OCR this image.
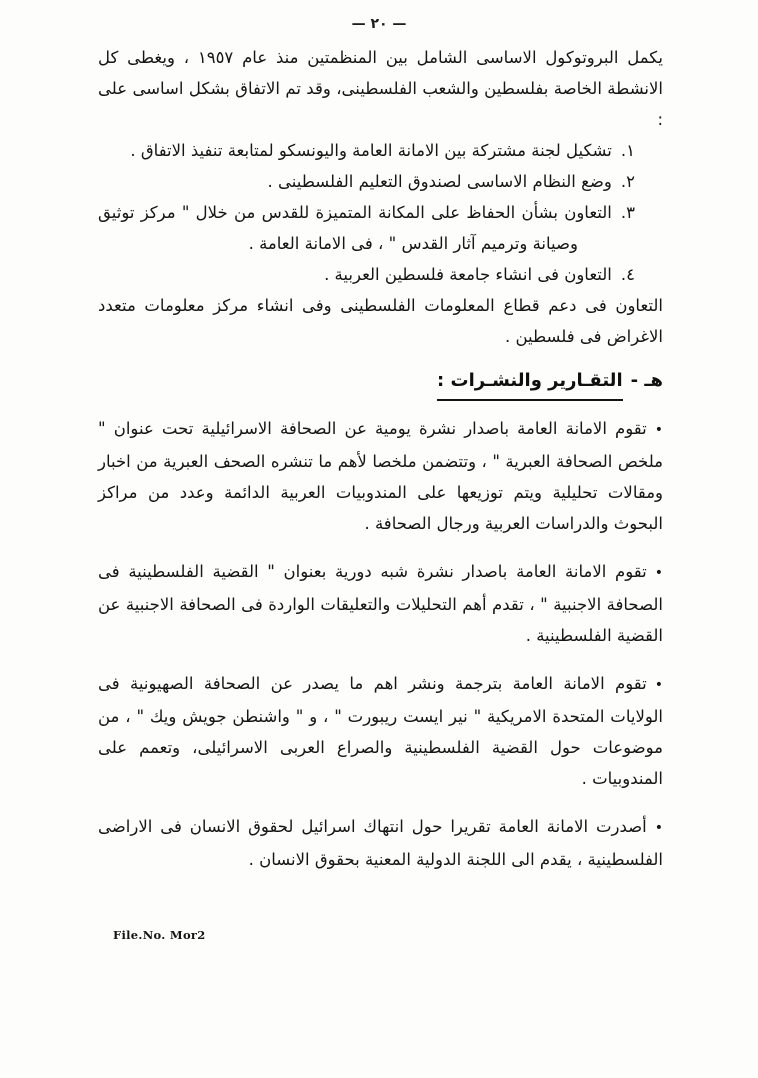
— ٢٠ —

يكمل البروتوكول الاساسى الشامل بين المنظمتين منذ عام ١٩٥٧ ، ويغطى كل الانشطة الخاصة بفلسطين والشعب الفلسطينى، وقد تم الاتفاق بشكل اساسى على :

١.تشكيل لجنة مشتركة بين الامانة العامة واليونسكو لمتابعة تنفيذ الاتفاق .
٢.وضع النظام الاساسى لصندوق التعليم الفلسطينى .
٣.التعاون بشأن الحفاظ على المكانة المتميزة للقدس من خلال " مركز توثيق وصيانة وترميم آثار القدس " ، فى الامانة العامة .
٤.التعاون فى انشاء جامعة فلسطين العربية .

التعاون فى دعم قطاع المعلومات الفلسطينى وفى انشاء مركز معلومات متعدد الاغراض فى فلسطين .

هـ -التقـارير والنشـرات :

•تقوم الامانة العامة باصدار نشرة يومية عن الصحافة الاسرائيلية تحت عنوان " ملخص الصحافة العبرية " ، وتتضمن ملخصا لأهم ما تنشره الصحف العبرية من اخبار ومقالات تحليلية ويتم توزيعها على المندوبيات العربية الدائمة وعدد من مراكز البحوث والدراسات العربية ورجال الصحافة .

•تقوم الامانة العامة باصدار نشرة شبه دورية بعنوان " القضية الفلسطينية فى الصحافة الاجنبية " ، تقدم أهم التحليلات والتعليقات الواردة فى الصحافة الاجنبية عن القضية الفلسطينية .

•تقوم الامانة العامة بترجمة ونشر اهم ما يصدر عن الصحافة الصهيونية فى الولايات المتحدة الامريكية " نير ايست ريبورت " ، و " واشنطن جويش ويك " ، من موضوعات حول القضية الفلسطينية والصراع العربى الاسرائيلى، وتعمم على المندوبيات .

•أصدرت الامانة العامة تقريرا حول انتهاك اسرائيل لحقوق الانسان فى الاراضى الفلسطينية ، يقدم الى اللجنة الدولية المعنية بحقوق الانسان .

File.No. Mor2
